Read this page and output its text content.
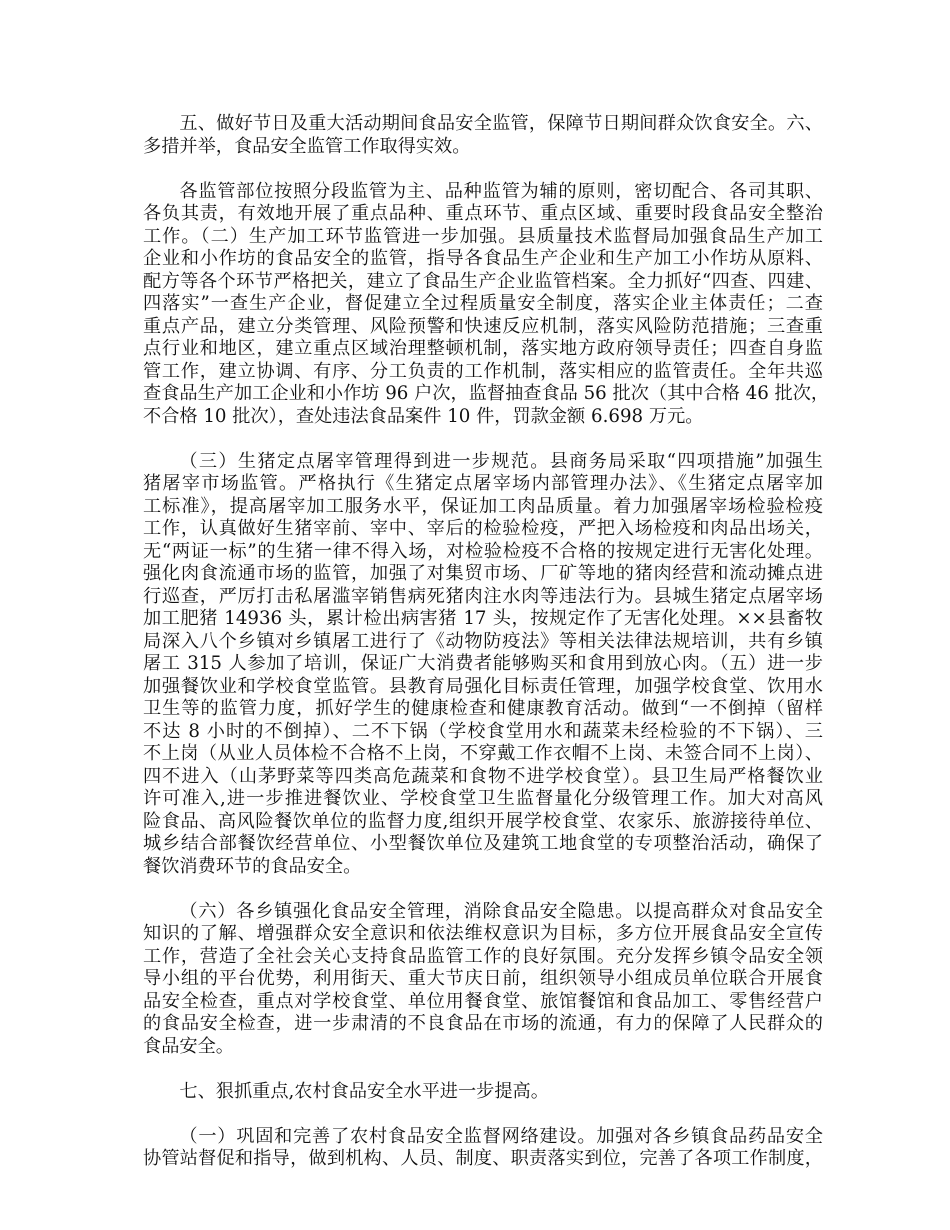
五、做好节日及重大活动期间食品安全监管，保障节日期间群众饮食安全。六、
多措并举，食品安全监管工作取得实效。
各监管部位按照分段监管为主、品种监管为辅的原则，密切配合、各司其职、
各负其责，有效地开展了重点品种、重点环节、重点区域、重要时段食品安全整治
工作。（二）生产加工环节监管进一步加强。县质量技术监督局加强食品生产加工
企业和小作坊的食品安全的监管，指导各食品生产企业和生产加工小作坊从原料、
配方等各个环节严格把关，建立了食品生产企业监管档案。全力抓好“四查、四建、
四落实”一查生产企业，督促建立全过程质量安全制度，落实企业主体责任；二查
重点产品，建立分类管理、风险预警和快速反应机制，落实风险防范措施；三查重
点行业和地区，建立重点区域治理整顿机制，落实地方政府领导责任；四查自身监
管工作，建立协调、有序、分工负责的工作机制，落实相应的监管责任。全年共巡
查食品生产加工企业和小作坊 96 户次，监督抽查食品 56 批次（其中合格 46 批次，
不合格 10 批次），查处违法食品案件 10 件，罚款金额 6.698 万元。
（三）生猪定点屠宰管理得到进一步规范。县商务局采取“四项措施”加强生
猪屠宰市场监管。严格执行《生猪定点屠宰场内部管理办法》、《生猪定点屠宰加
工标准》，提高屠宰加工服务水平，保证加工肉品质量。着力加强屠宰场检验检疫
工作，认真做好生猪宰前、宰中、宰后的检验检疫，严把入场检疫和肉品出场关，
无“两证一标”的生猪一律不得入场，对检验检疫不合格的按规定进行无害化处理。
强化肉食流通市场的监管，加强了对集贸市场、厂矿等地的猪肉经营和流动摊点进
行巡查，严厉打击私屠滥宰销售病死猪肉注水肉等违法行为。县城生猪定点屠宰场
加工肥猪 14936 头，累计检出病害猪 17 头，按规定作了无害化处理。××县畜牧
局深入八个乡镇对乡镇屠工进行了《动物防疫法》等相关法律法规培训，共有乡镇
屠工 315 人参加了培训，保证广大消费者能够购买和食用到放心肉。（五）进一步
加强餐饮业和学校食堂监管。县教育局强化目标责任管理，加强学校食堂、饮用水
卫生等的监管力度，抓好学生的健康检查和健康教育活动。做到“一不倒掉（留样
不达 8 小时的不倒掉）、二不下锅（学校食堂用水和蔬菜未经检验的不下锅）、三
不上岗（从业人员体检不合格不上岗，不穿戴工作衣帽不上岗、未签合同不上岗）、
四不进入（山茅野菜等四类高危蔬菜和食物不进学校食堂）。县卫生局严格餐饮业
许可准入,进一步推进餐饮业、学校食堂卫生监督量化分级管理工作。加大对高风
险食品、高风险餐饮单位的监督力度,组织开展学校食堂、农家乐、旅游接待单位、
城乡结合部餐饮经营单位、小型餐饮单位及建筑工地食堂的专项整治活动，确保了
餐饮消费环节的食品安全。
（六）各乡镇强化食品安全管理，消除食品安全隐患。以提高群众对食品安全
知识的了解、增强群众安全意识和依法维权意识为目标，多方位开展食品安全宣传
工作，营造了全社会关心支持食品监管工作的良好氛围。充分发挥乡镇令品安全领
导小组的平台优势，利用街天、重大节庆日前，组织领导小组成员单位联合开展食
品安全检查，重点对学校食堂、单位用餐食堂、旅馆餐馆和食品加工、零售经营户
的食品安全检查，进一步肃清的不良食品在市场的流通，有力的保障了人民群众的
食品安全。
七、狠抓重点,农村食品安全水平进一步提高。
（一）巩固和完善了农村食品安全监督网络建设。加强对各乡镇食品药品安全
协管站督促和指导，做到机构、人员、制度、职责落实到位，完善了各项工作制度，
